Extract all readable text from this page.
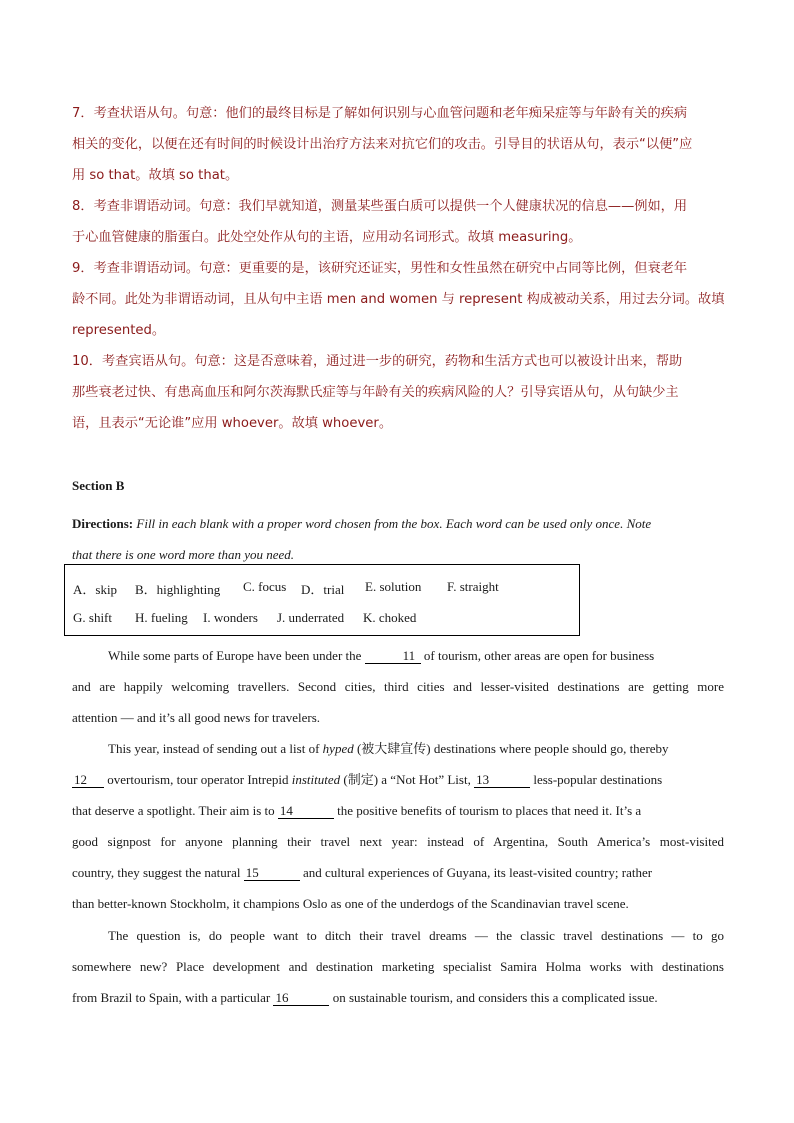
7．考查状语从句。句意：他们的最终目标是了解如何识别与心血管问题和老年痴呆症等与年龄有关的疾病
相关的变化，以便在还有时间的时候设计出治疗方法来对抗它们的攻击。引导目的状语从句，表示“以便”应
用 so that。故填 so that。
8．考查非谓语动词。句意：我们早就知道，测量某些蛋白质可以提供一个人健康状况的信息——例如，用
于心血管健康的脂蛋白。此处空处作从句的主语，应用动名词形式。故填 measuring。
9．考查非谓语动词。句意：更重要的是，该研究还证实，男性和女性虽然在研究中占同等比例，但衰老年
龄不同。此处为非谓语动词，且从句中主语 men and women 与 represent 构成被动关系，用过去分词。故填
represented。
10．考查宾语从句。句意：这是否意味着，通过进一步的研究，药物和生活方式也可以被设计出来，帮助
那些衰老过快、有患高血压和阿尔茨海默氏症等与年龄有关的疾病风险的人？引导宾语从句，从句缺少主
语，且表示“无论谁”应用 whoever。故填 whoever。
Section B
Directions: Fill in each blank with a proper word chosen from the box. Each word can be used only once. Note
that there is one word more than you need.
A．skip B．highlighting C. focus D．trial E. solution F. straight
G. shift H. fueling I. wonders J. underrated K. choked
While some parts of Europe have been under the	11 of tourism, other areas are open for business
and are happily welcoming travellers. Second cities, third cities and lesser-visited destinations are getting more
attention — and it’s all good news for travelers.
This year, instead of sending out a list of hyped (被大肆宣传) destinations where people should go, thereby
12 overtourism, tour operator Intrepid instituted (制定) a “Not Hot” List, 13	less-popular destinations
that deserve a spotlight. Their aim is to 14	the positive benefits of tourism to places that need it. It’s a
good signpost for anyone planning their travel next year: instead of Argentina, South America’s most-visited
country, they suggest the natural 15	and cultural experiences of Guyana, its least-visited country; rather
than better-known Stockholm, it champions Oslo as one of the underdogs of the Scandinavian travel scene.
The question is, do people want to ditch their travel dreams — the classic travel destinations — to go
somewhere new? Place development and destination marketing specialist Samira Holma works with destinations
from Brazil to Spain, with a particular 16	on sustainable tourism, and considers this a complicated issue.
